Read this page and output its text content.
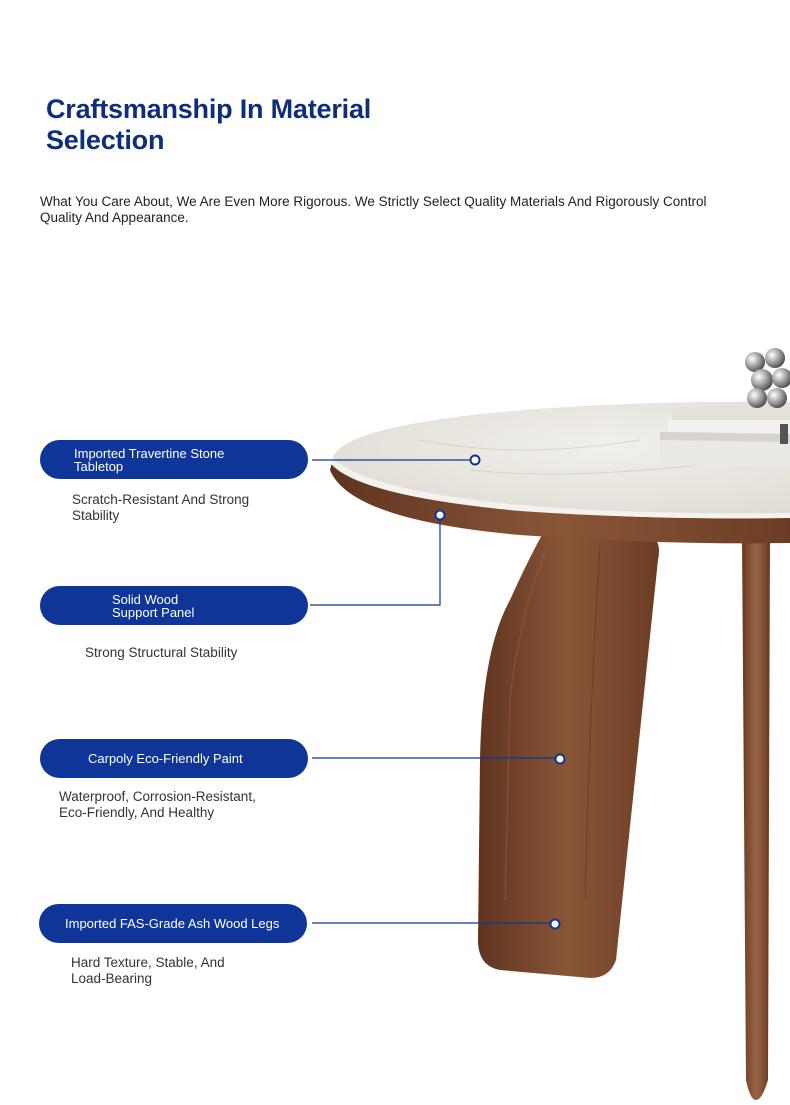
Craftsmanship In Material
Selection
What You Care About, We Are Even More Rigorous. We Strictly Select Quality Materials And Rigorously Control Quality And Appearance.
Imported Travertine Stone
Tabletop
Scratch-Resistant And Strong
Stability
Solid Wood
Support Panel
Strong Structural Stability
Carpoly Eco-Friendly Paint
Waterproof, Corrosion-Resistant,
Eco-Friendly, And Healthy
Imported FAS-Grade Ash Wood Legs
Hard Texture, Stable, And
Load-Bearing
